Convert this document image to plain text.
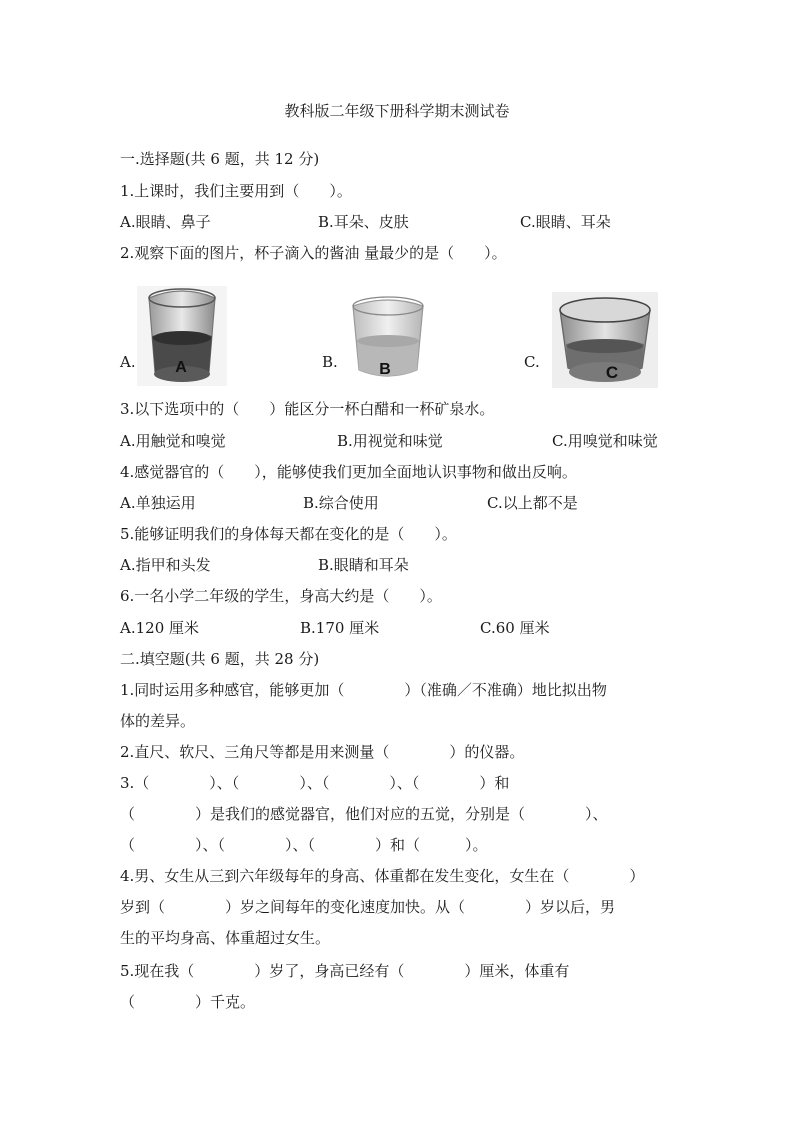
教科版二年级下册科学期末测试卷
一.选择题(共 6 题，共 12 分)
1.上课时，我们主要用到（　　）。
A.眼睛、鼻子	B.耳朵、皮肤	C.眼睛、耳朵
2.观察下面的图片，杯子滴入的酱油 量最少的是（　　）。
A.	B.	C.
A	B	C
3.以下选项中的（　　）能区分一杯白醋和一杯矿泉水。
A.用触觉和嗅觉	B.用视觉和味觉	C.用嗅觉和味觉
4.感觉器官的（　　），能够使我们更加全面地认识事物和做出反响。
A.单独运用	B.综合使用	C.以上都不是
5.能够证明我们的身体每天都在变化的是（　　）。
A.指甲和头发	B.眼睛和耳朵
6.一名小学二年级的学生，身高大约是（　　）。
A.120 厘米	B.170 厘米	C.60 厘米
二.填空题(共 6 题，共 28 分)
1.同时运用多种感官，能够更加（　　　　）（准确／不准确）地比拟出物
体的差异。
2.直尺、软尺、三角尺等都是用来测量（　　　　）的仪器。
3.（　　　　）、（　　　　）、（　　　　）、（　　　　）和
（　　　　）是我们的感觉器官，他们对应的五觉，分别是（　　　　）、
（　　　　）、（　　　　）、（　　　　）和（　　　）。
4.男、女生从三到六年级每年的身高、体重都在发生变化，女生在（　　　　）
岁到（　　　　）岁之间每年的变化速度加快。从（　　　　）岁以后，男
生的平均身高、体重超过女生。
5.现在我（　　　　）岁了，身高已经有（　　　　）厘米，体重有
（　　　　）千克。
